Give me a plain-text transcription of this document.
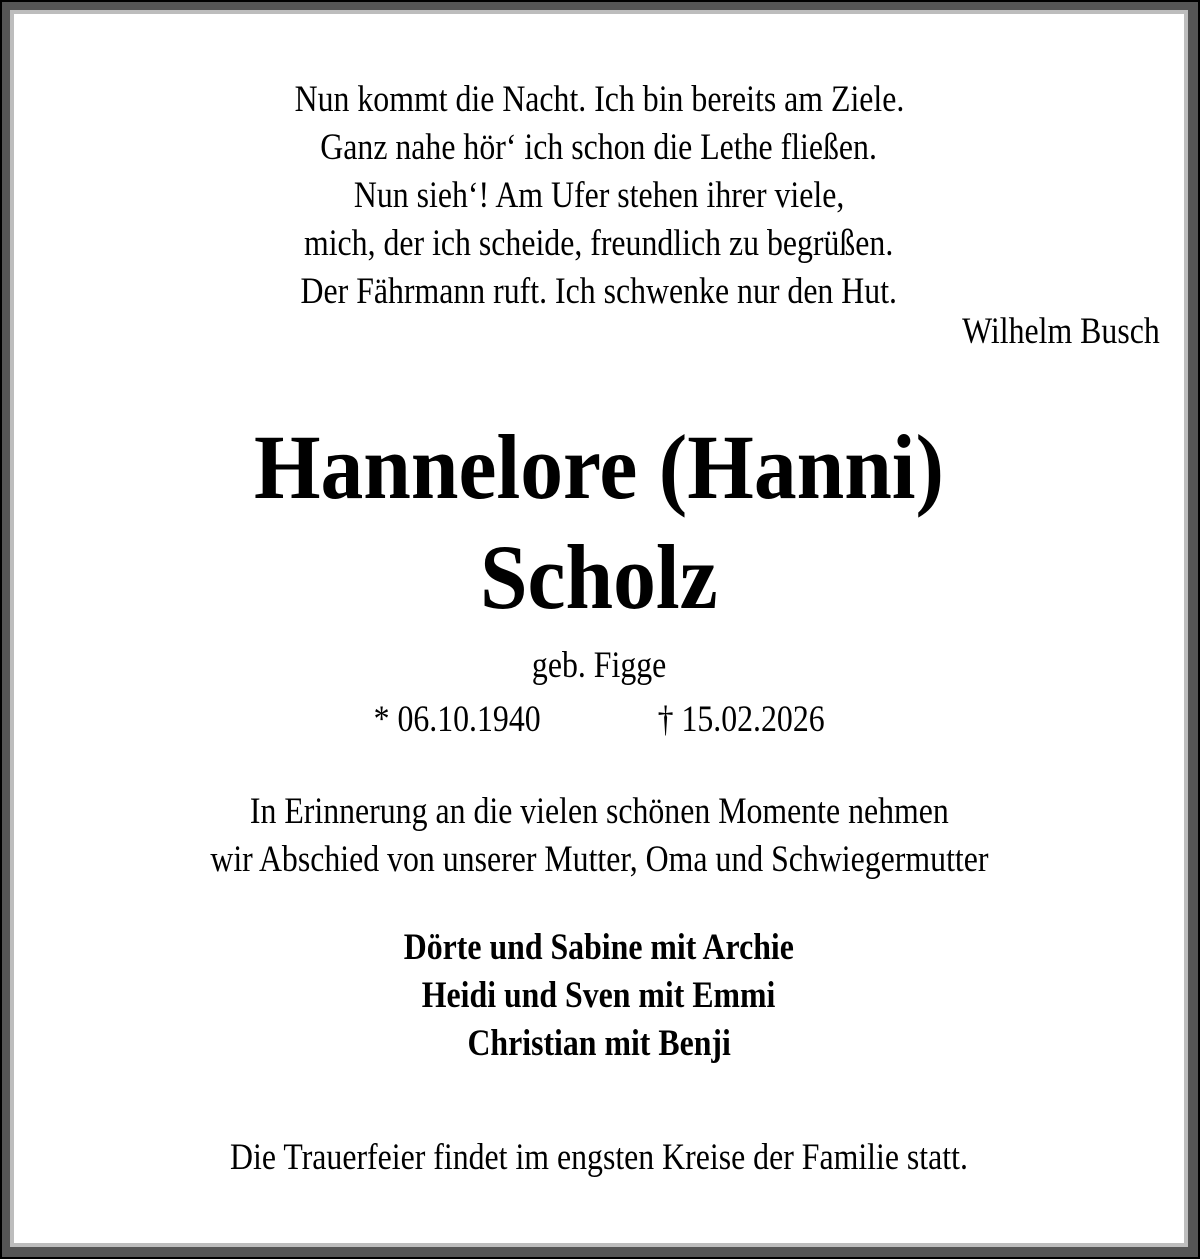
Nun kommt die Nacht. Ich bin bereits am Ziele.
Ganz nahe hör‘ ich schon die Lethe fließen.
Nun sieh‘! Am Ufer stehen ihrer viele,
mich, der ich scheide, freundlich zu begrüßen.
Der Fährmann ruft. Ich schwenke nur den Hut.
Wilhelm Busch
Hannelore (Hanni)
Scholz
geb. Figge
* 06.10.1940	† 15.02.2026
In Erinnerung an die vielen schönen Momente nehmen
wir Abschied von unserer Mutter, Oma und Schwiegermutter
Dörte und Sabine mit Archie
Heidi und Sven mit Emmi
Christian mit Benji
Die Trauerfeier findet im engsten Kreise der Familie statt.
